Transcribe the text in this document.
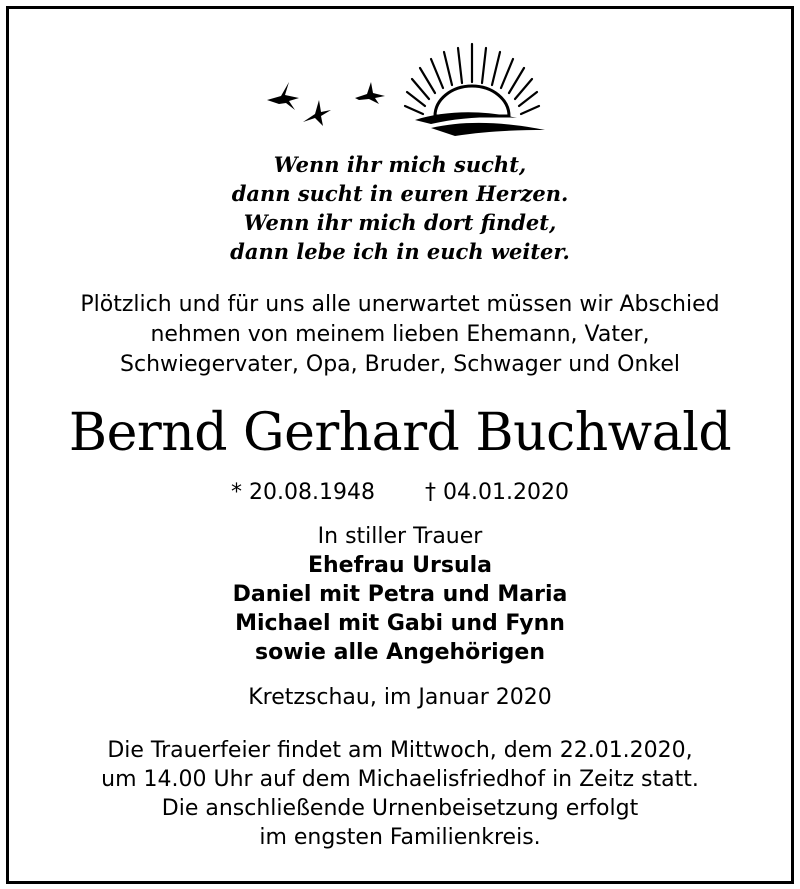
Wenn ihr mich sucht,
dann sucht in euren Herzen.
Wenn ihr mich dort findet,
dann lebe ich in euch weiter.
Plötzlich und für uns alle unerwartet müssen wir Abschied
nehmen von meinem lieben Ehemann, Vater,
Schwiegervater, Opa, Bruder, Schwager und Onkel
Bernd Gerhard Buchwald
* 20.08.1948 † 04.01.2020
In stiller Trauer
Ehefrau Ursula
Daniel mit Petra und Maria
Michael mit Gabi und Fynn
sowie alle Angehörigen
Kretzschau, im Januar 2020
Die Trauerfeier findet am Mittwoch, dem 22.01.2020,
um 14.00 Uhr auf dem Michaelisfriedhof in Zeitz statt.
Die anschließende Urnenbeisetzung erfolgt
im engsten Familienkreis.
